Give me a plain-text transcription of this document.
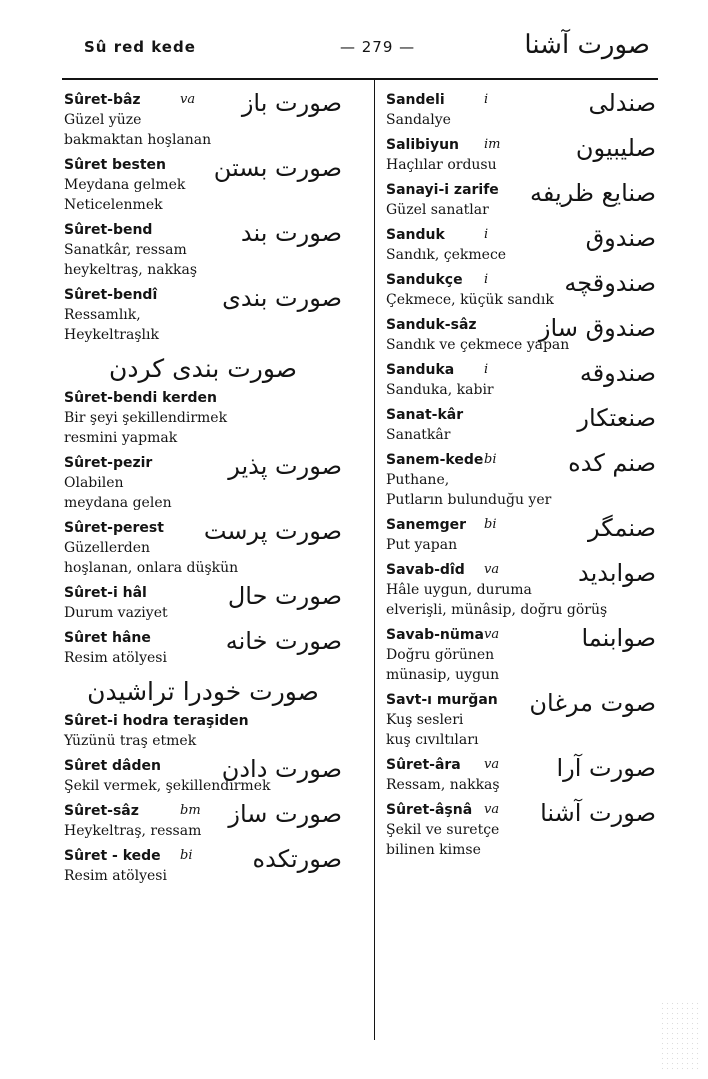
Sû red kede	— 279 —	صورت آشنا
Sûret-bâz	va صورت باز
Güzel yüze
bakmaktan hoşlanan
Sûret besten	صورت بستن
Meydana gelmek
Neticelenmek
Sûret-bend	صورت بند
Sanatkâr, ressam
heykeltraş, nakkaş
Sûret-bendî	صورت بندى
Ressamlık,
Heykeltraşlık
صورت بندى كردن
Sûret-bendi kerden
Bir şeyi şekillendirmek
resmini yapmak
Sûret-pezir	صورت پذير
Olabilen
meydana gelen
Sûret-perest	صورت پرست
Güzellerden
hoşlanan, onlara düşkün
Sûret-i hâl	صورت حال
Durum vaziyet
Sûret hâne	صورت خانه
Resim atölyesi
صورت خودرا تراشيدن
Sûret-i hodra teraşiden
Yüzünü traş etmek
Sûret dâden	صورت دادن
Şekil vermek, şekillendirmek
Sûret-sâz	bm صورت ساز
Heykeltraş, ressam
Sûret - kede	bi	صورتكده
Resim atölyesi
Sandeli	i	صندلى
Sandalye
Salibiyun	im	صليبيون
Haçlılar ordusu
Sanayi-i zarife	صنايع ظريفه
Güzel sanatlar
Sanduk	i	صندوق
Sandık, çekmece
Sandukçe	i	صندوقچه
Çekmece, küçük sandık
Sanduk-sâz	صندوق ساز
Sandık ve çekmece yapan
Sanduka	i	صندوقه
Sanduka, kabir
Sanat-kâr	صنعتكار
Sanatkâr
Sanem-kede bi	صنم كده
Puthane,
Putların bulunduğu yer
Sanemger	bi	صنمگر
Put yapan
Savab-dîd	va	صوابديد
Hâle uygun, duruma
elverişli, münâsip, doğru görüş
Savab-nüma va	صوابنما
Doğru görünen
münasip, uygun
Savt-ı murğan	صوت مرغان
Kuş sesleri
kuş cıvıltıları
Sûret-âra	va صورت آرا
Ressam, nakkaş
Sûret-âşnâ va صورت آشنا
Şekil ve suretçe
bilinen kimse
